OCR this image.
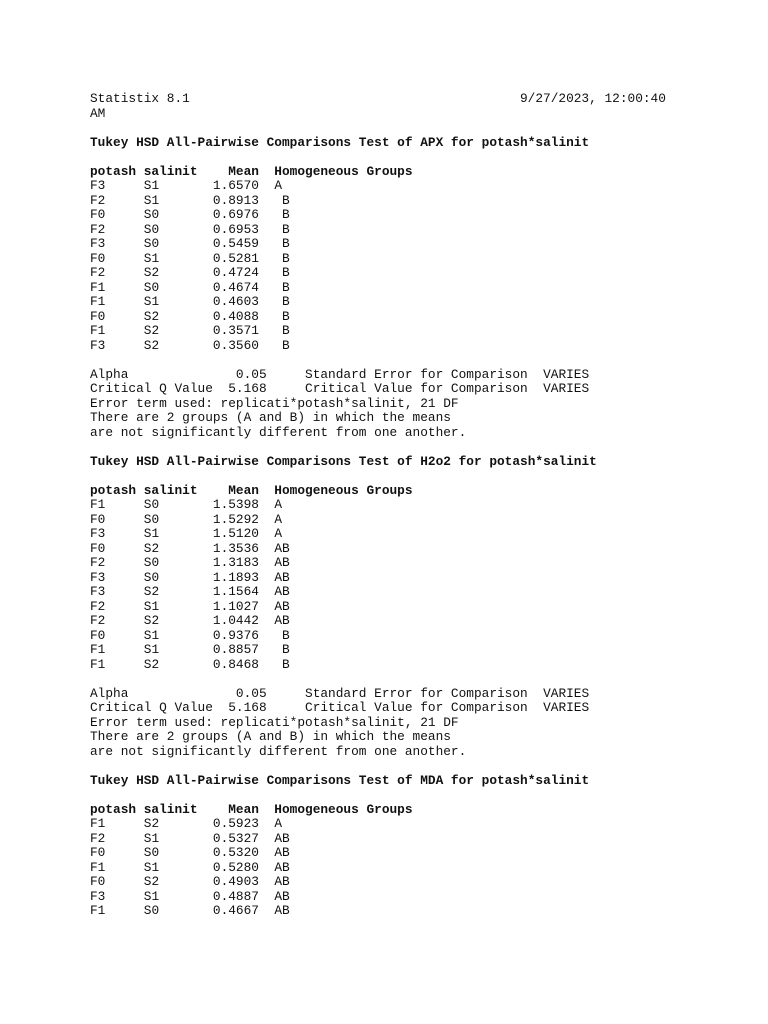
Statistix 8.1	9/27/2023, 12:00:40
AM
Tukey HSD All-Pairwise Comparisons Test of APX for potash*salinit
potash salinit    Mean  Homogeneous Groups
F3	S1	1.6570 A
F2	S1	0.8913   B
F0	S0	0.6976   B
F2	S0	0.6953   B
F3	S0	0.5459   B
F0	S1	0.5281   B
F2	S2	0.4724   B
F1	S0	0.4674   B
F1	S1	0.4603   B
F0	S2	0.4088   B
F1	S2	0.3571   B
F3	S2	0.3560   B
Alpha              0.05     Standard Error for Comparison  VARIES
Critical Q Value  5.168     Critical Value for Comparison  VARIES
Error term used: replicati*potash*salinit, 21 DF
There are 2 groups (A and B) in which the means
are not significantly different from one another.
Tukey HSD All-Pairwise Comparisons Test of H2o2 for potash*salinit
potash salinit    Mean  Homogeneous Groups
F1	S0	1.5398 A
F0	S0	1.5292 A
F3	S1	1.5120 A
F0	S2	1.3536 AB
F2	S0	1.3183 AB
F3	S0	1.1893 AB
F3	S2	1.1564 AB
F2	S1	1.1027 AB
F2	S2	1.0442 AB
F0	S1	0.9376   B
F1	S1	0.8857   B
F1	S2	0.8468   B
Alpha              0.05     Standard Error for Comparison  VARIES
Critical Q Value  5.168     Critical Value for Comparison  VARIES
Error term used: replicati*potash*salinit, 21 DF
There are 2 groups (A and B) in which the means
are not significantly different from one another.
Tukey HSD All-Pairwise Comparisons Test of MDA for potash*salinit
potash salinit    Mean  Homogeneous Groups
F1	S2	0.5923 A
F2	S1	0.5327 AB
F0	S0	0.5320 AB
F1	S1	0.5280 AB
F0	S2	0.4903 AB
F3	S1	0.4887 AB
F1	S0	0.4667 AB
